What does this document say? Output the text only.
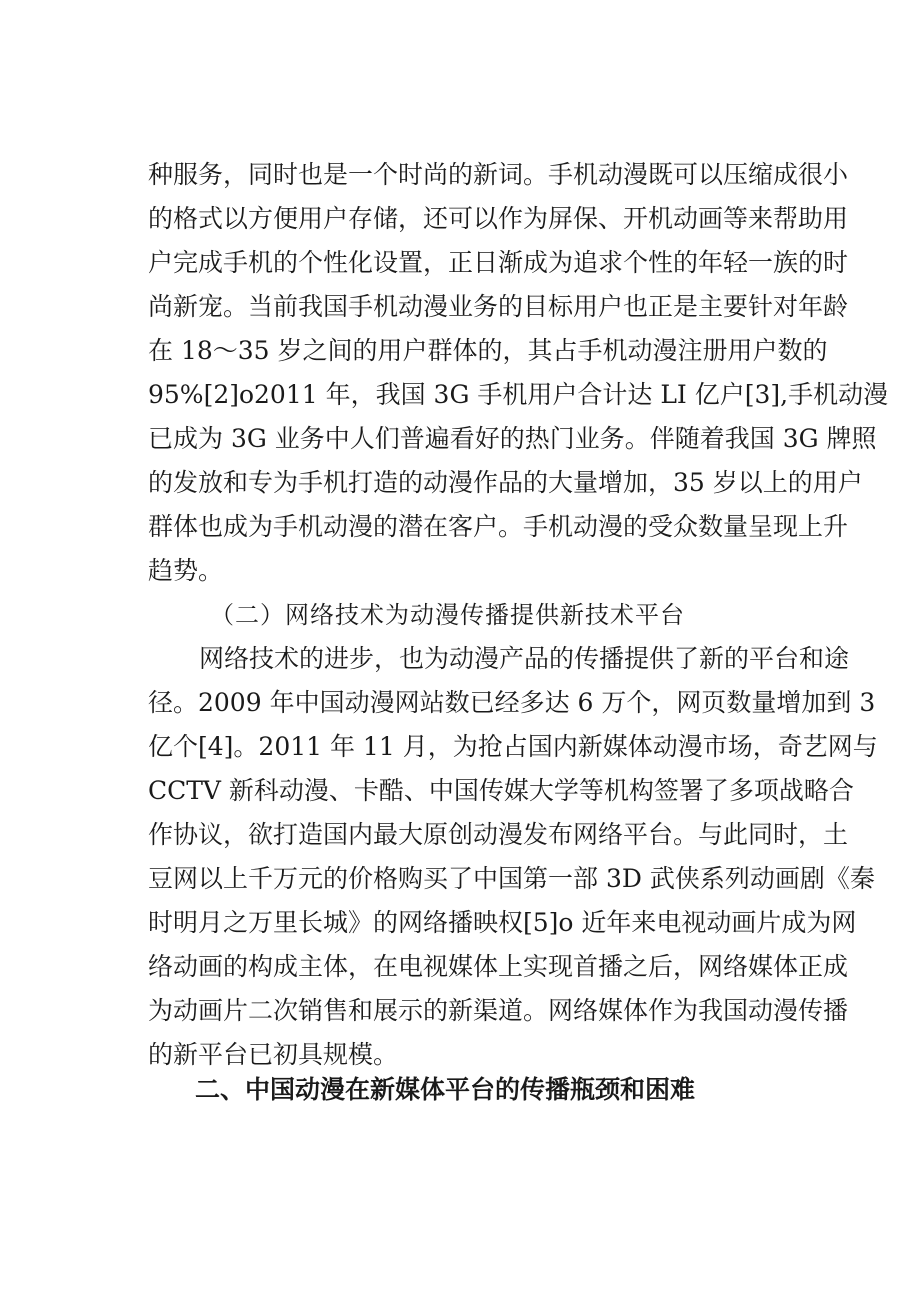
种服务，同时也是一个时尚的新词。手机动漫既可以压缩成很小
的格式以方便用户存储，还可以作为屏保、开机动画等来帮助用
户完成手机的个性化设置，正日渐成为追求个性的年轻一族的时
尚新宠。当前我国手机动漫业务的目标用户也正是主要针对年龄
在 18～35 岁之间的用户群体的，其占手机动漫注册用户数的
95%[2]o2011 年，我国 3G 手机用户合计达 LI 亿户[3],手机动漫
已成为 3G 业务中人们普遍看好的热门业务。伴随着我国 3G 牌照
的发放和专为手机打造的动漫作品的大量增加，35 岁以上的用户
群体也成为手机动漫的潜在客户。手机动漫的受众数量呈现上升
趋势。
（二）网络技术为动漫传播提供新技术平台
网络技术的进步，也为动漫产品的传播提供了新的平台和途
径。2009 年中国动漫网站数已经多达 6 万个，网页数量增加到 3
亿个[4]。2011 年 11 月，为抢占国内新媒体动漫市场，奇艺网与
CCTV 新科动漫、卡酷、中国传媒大学等机构签署了多项战略合
作协议，欲打造国内最大原创动漫发布网络平台。与此同时，土
豆网以上千万元的价格购买了中国第一部 3D 武侠系列动画剧《秦
时明月之万里长城》的网络播映权[5]o 近年来电视动画片成为网
络动画的构成主体，在电视媒体上实现首播之后，网络媒体正成
为动画片二次销售和展示的新渠道。网络媒体作为我国动漫传播
的新平台已初具规模。
二、中国动漫在新媒体平台的传播瓶颈和困难
